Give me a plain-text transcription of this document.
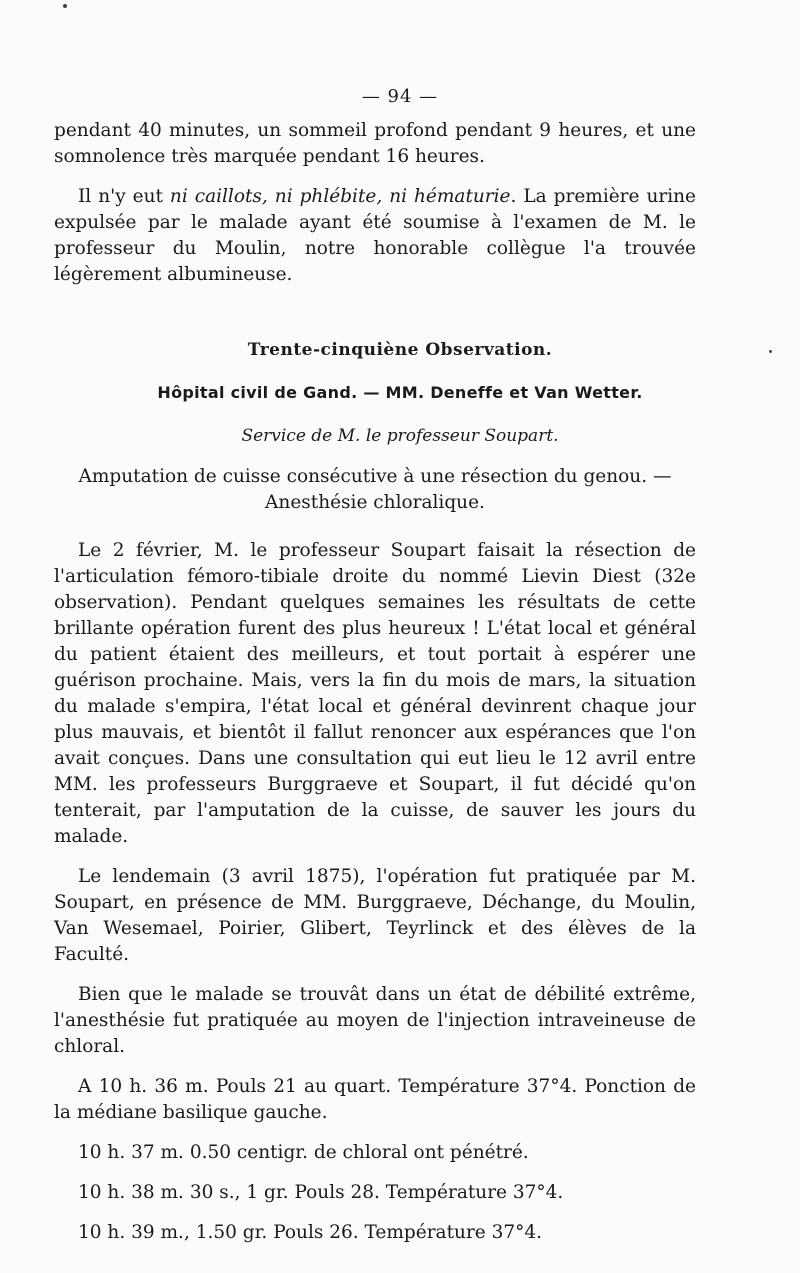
— 94 —

pendant 40 minutes, un sommeil profond pendant 9 heures, et une somnolence très marquée pendant 16 heures.

Il n'y eut ni caillots, ni phlébite, ni hématurie. La première urine expulsée par le malade ayant été soumise à l'examen de M. le professeur du Moulin, notre honorable collègue l'a trouvée légèrement albumineuse.

Trente-cinquiène Observation.
Hôpital civil de Gand. — MM. Deneffe et Van Wetter.
Service de M. le professeur Soupart.
Amputation de cuisse consécutive à une résection du genou. — Anesthésie chloralique.

Le 2 février, M. le professeur Soupart faisait la résection de l'articulation fémoro-tibiale droite du nommé Lievin Diest (32e observation). Pendant quelques semaines les résultats de cette brillante opération furent des plus heureux ! L'état local et général du patient étaient des meilleurs, et tout portait à espérer une guérison prochaine. Mais, vers la fin du mois de mars, la situation du malade s'empira, l'état local et général devinrent chaque jour plus mauvais, et bientôt il fallut renoncer aux espérances que l'on avait conçues. Dans une consultation qui eut lieu le 12 avril entre MM. les professeurs Burggraeve et Soupart, il fut décidé qu'on tenterait, par l'amputation de la cuisse, de sauver les jours du malade.

Le lendemain (3 avril 1875), l'opération fut pratiquée par M. Soupart, en présence de MM. Burggraeve, Déchange, du Moulin, Van Wesemael, Poirier, Glibert, Teyrlinck et des élèves de la Faculté.

Bien que le malade se trouvât dans un état de débilité extrême, l'anesthésie fut pratiquée au moyen de l'injection intraveineuse de chloral.

A 10 h. 36 m. Pouls 21 au quart. Température 37°4. Ponction de la médiane basilique gauche.

10 h. 37 m. 0.50 centigr. de chloral ont pénétré.

10 h. 38 m. 30 s., 1 gr. Pouls 28. Température 37°4.

10 h. 39 m., 1.50 gr. Pouls 26. Température 37°4.
